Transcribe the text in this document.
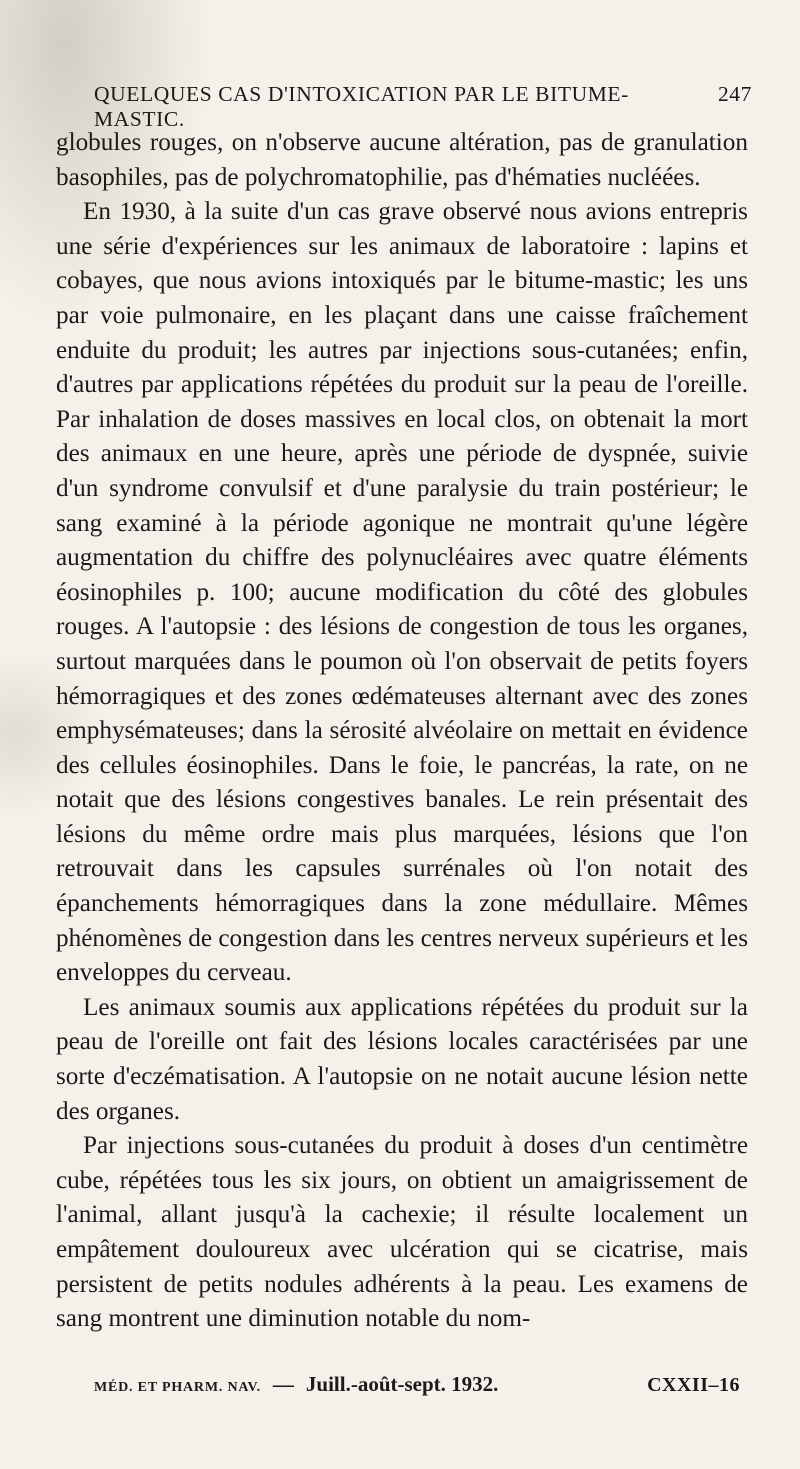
QUELQUES CAS D'INTOXICATION PAR LE BITUME-MASTIC.
247

globules rouges, on n'observe aucune altération, pas de granulation basophiles, pas de polychromatophilie, pas d'hématies nucléées.

En 1930, à la suite d'un cas grave observé nous avions entrepris une série d'expériences sur les animaux de laboratoire : lapins et cobayes, que nous avions intoxiqués par le bitume-mastic; les uns par voie pulmonaire, en les plaçant dans une caisse fraîchement enduite du produit; les autres par injections sous-cutanées; enfin, d'autres par applications répétées du produit sur la peau de l'oreille. Par inhalation de doses massives en local clos, on obtenait la mort des animaux en une heure, après une période de dyspnée, suivie d'un syndrome convulsif et d'une paralysie du train postérieur; le sang examiné à la période agonique ne montrait qu'une légère augmentation du chiffre des polynucléaires avec quatre éléments éosinophiles p. 100; aucune modification du côté des globules rouges. A l'autopsie : des lésions de congestion de tous les organes, surtout marquées dans le poumon où l'on observait de petits foyers hémorragiques et des zones œdémateuses alternant avec des zones emphysémateuses; dans la sérosité alvéolaire on mettait en évidence des cellules éosinophiles. Dans le foie, le pancréas, la rate, on ne notait que des lésions congestives banales. Le rein présentait des lésions du même ordre mais plus marquées, lésions que l'on retrouvait dans les capsules surrénales où l'on notait des épanchements hémorragiques dans la zone médullaire. Mêmes phénomènes de congestion dans les centres nerveux supérieurs et les enveloppes du cerveau.

Les animaux soumis aux applications répétées du produit sur la peau de l'oreille ont fait des lésions locales caractérisées par une sorte d'eczématisation. A l'autopsie on ne notait aucune lésion nette des organes.

Par injections sous-cutanées du produit à doses d'un centimètre cube, répétées tous les six jours, on obtient un amaigrissement de l'animal, allant jusqu'à la cachexie; il résulte localement un empâtement douloureux avec ulcération qui se cicatrise, mais persistent de petits nodules adhérents à la peau. Les examens de sang montrent une diminution notable du nom-

MÉD. ET PHARM. NAV. — Juill.-août-sept. 1932.	CXXII–16
